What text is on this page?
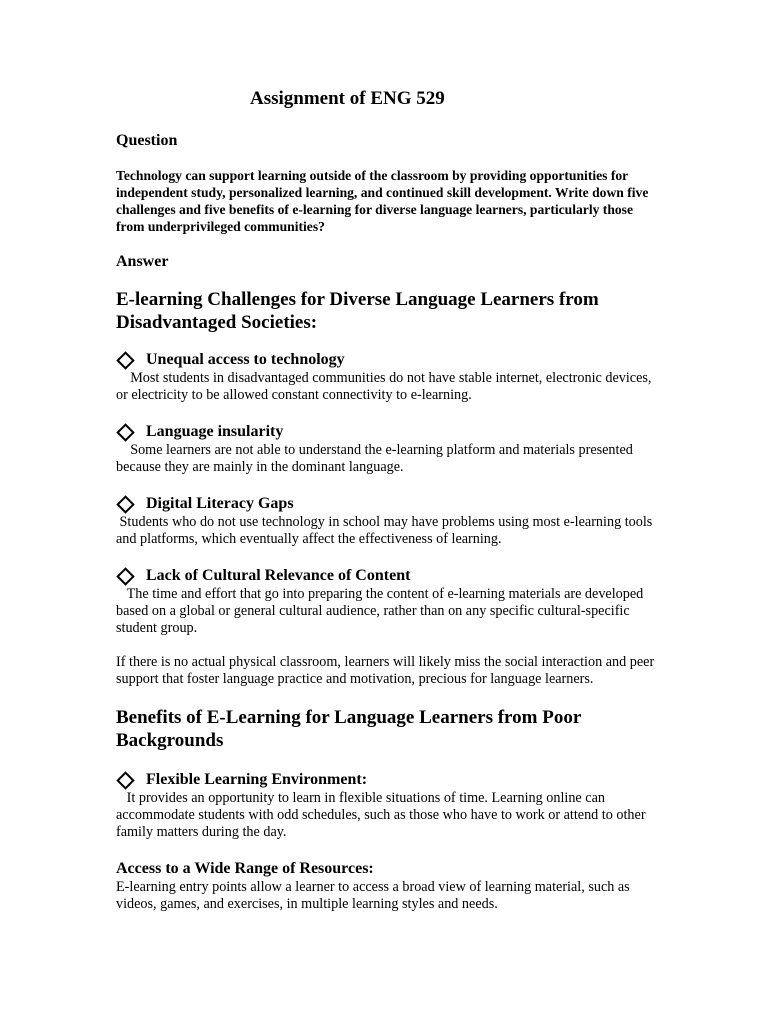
Assignment of ENG 529
Question

Technology can support learning outside of the classroom by providing opportunities for independent study, personalized learning, and continued skill development. Write down five challenges and five benefits of e-learning for diverse language learners, particularly those from underprivileged communities?

Answer
E-learning Challenges for Diverse Language Learners from Disadvantaged Societies:
Unequal access to technology

Most students in disadvantaged communities do not have stable internet, electronic devices, or electricity to be allowed constant connectivity to e-learning.

Language insularity

Some learners are not able to understand the e-learning platform and materials presented because they are mainly in the dominant language.

Digital Literacy Gaps

Students who do not use technology in school may have problems using most e-learning tools and platforms, which eventually affect the effectiveness of learning.

Lack of Cultural Relevance of Content

The time and effort that go into preparing the content of e-learning materials are developed based on a global or general cultural audience, rather than on any specific cultural-specific student group.

If there is no actual physical classroom, learners will likely miss the social interaction and peer support that foster language practice and motivation, precious for language learners.

Benefits of E-Learning for Language Learners from Poor Backgrounds
Flexible Learning Environment:

It provides an opportunity to learn in flexible situations of time. Learning online can accommodate students with odd schedules, such as those who have to work or attend to other family matters during the day.

Access to a Wide Range of Resources:

E-learning entry points allow a learner to access a broad view of learning material, such as videos, games, and exercises, in multiple learning styles and needs.
